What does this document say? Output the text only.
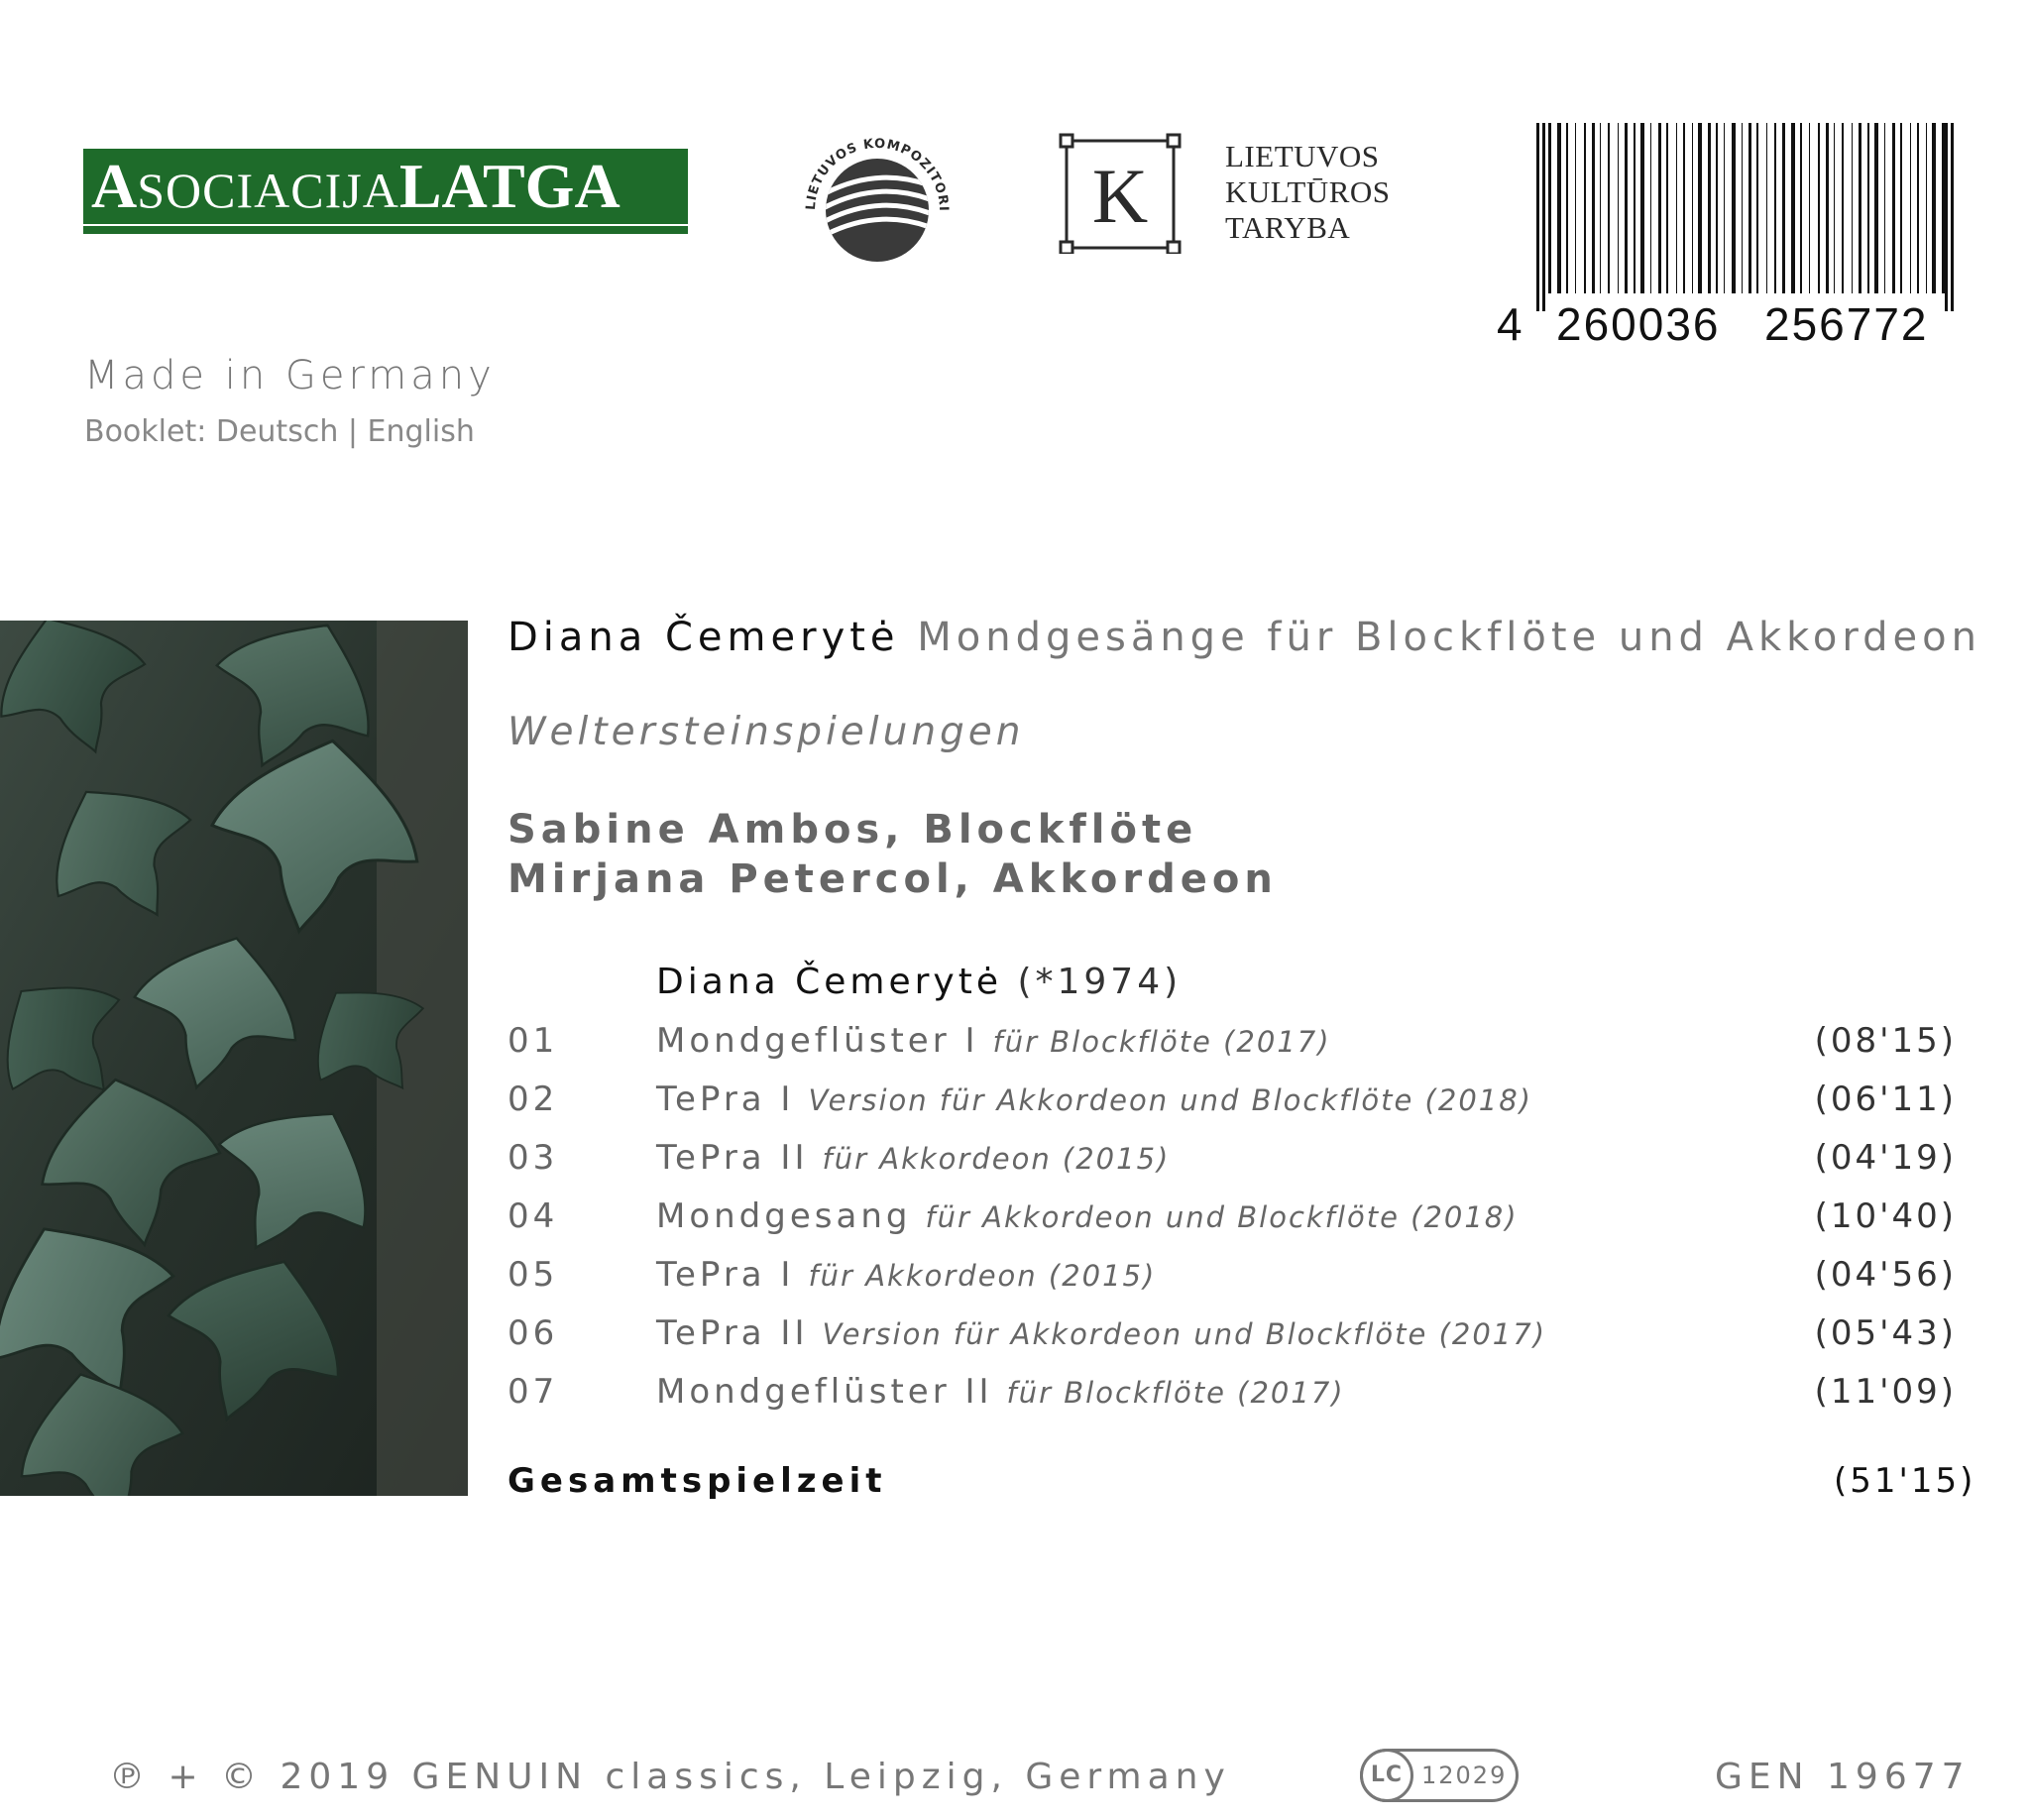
ASOCIACIJALATGA	LIETUVOS KOMPOZITORI K	LIETUVOS
KULTŪROS
TARYBA
4 260036 256772
Made in Germany
Booklet: Deutsch | English
Diana Čemerytė Mondgesänge für Blockflöte und Akkordeon
Weltersteinspielungen
Sabine Ambos, Blockflöte
Mirjana Petercol, Akkordeon
Diana Čemerytė (*1974)
01	Mondgeflüster I für Blockflöte (2017)	(08'15)
02	TePra I Version für Akkordeon und Blockflöte (2018)	(06'11)
03	TePra II für Akkordeon (2015)	(04'19)
04	Mondgesang für Akkordeon und Blockflöte (2018)	(10'40)
05	TePra I für Akkordeon (2015)	(04'56)
06	TePra II Version für Akkordeon und Blockflöte (2017)	(05'43)
07	Mondgeflüster II für Blockflöte (2017)	(11'09)
Gesamtspielzeit	(51'15)
℗ + © 2019 GENUIN classics, Leipzig, Germany	LC 12029	GEN 19677
